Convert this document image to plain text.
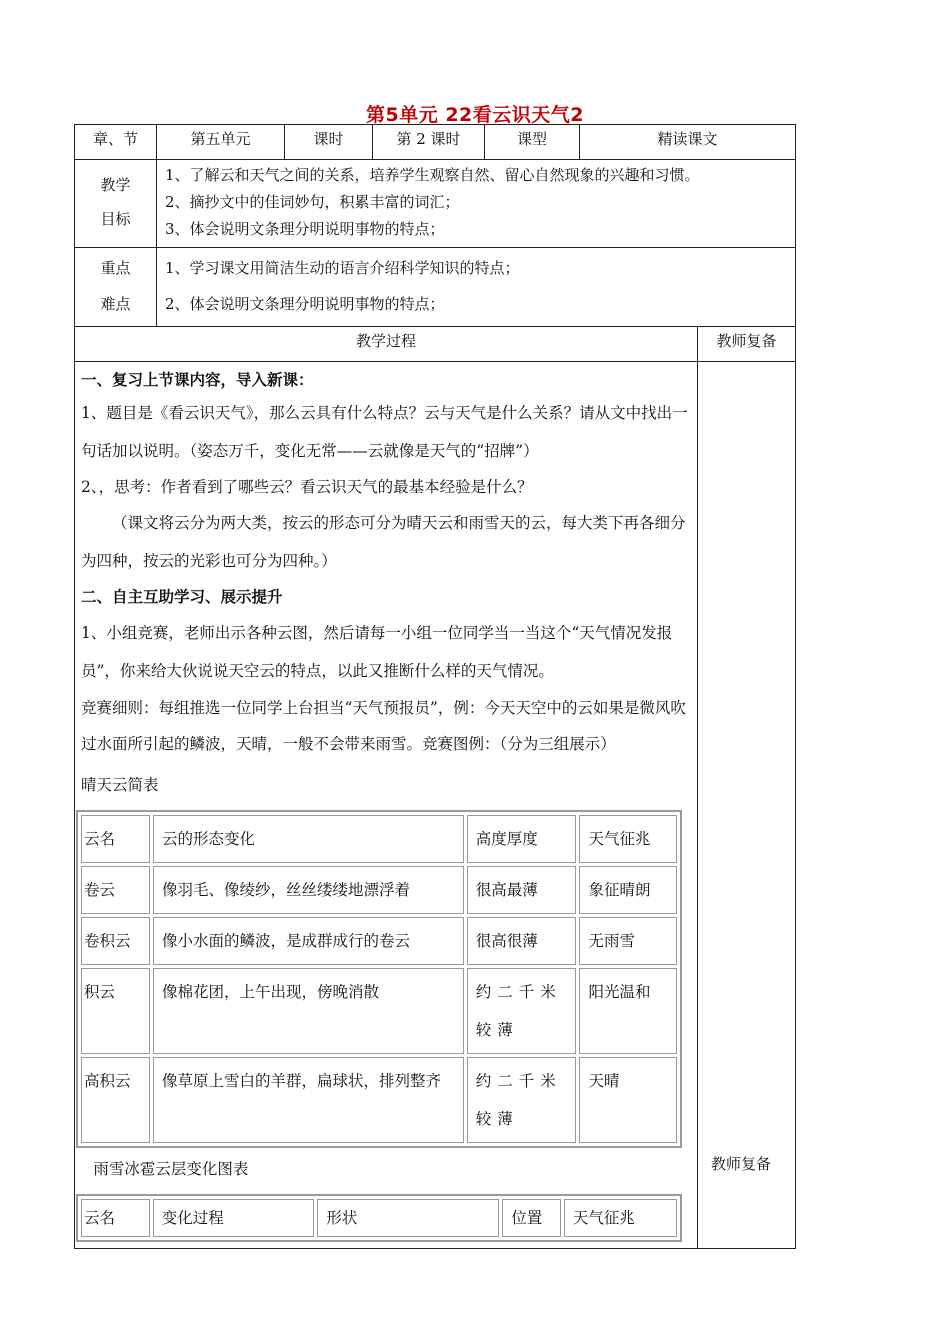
第5单元 22看云识天气2
章、节	第五单元	课时	第 2 课时	课型	精读课文

教学
目标

1、了解云和天气之间的关系，培养学生观察自然、留心自然现象的兴趣和习惯。
2、摘抄文中的佳词妙句，积累丰富的词汇；
3、体会说明文条理分明说明事物的特点；

重点
难点

1、学习课文用简洁生动的语言介绍科学知识的特点；
2、体会说明文条理分明说明事物的特点；

教学过程	教师复备

一、复习上节课内容，导入新课：

1、题目是《看云识天气》，那么云具有什么特点？云与天气是什么关系？请从文中找出一句话加以说明。（姿态万千，变化无常——云就像是天气的“招牌”）

2、，思考：作者看到了哪些云？看云识天气的最基本经验是什么？

（课文将云分为两大类，按云的形态可分为晴天云和雨雪天的云，每大类下再各细分为四种，按云的光彩也可分为四种。）

二、自主互助学习、展示提升

1、小组竞赛，老师出示各种云图，然后请每一小组一位同学当一当这个“天气情况发报员”，你来给大伙说说天空云的特点，以此又推断什么样的天气情况。

竞赛细则：每组推选一位同学上台担当“天气预报员”，例：今天天空中的云如果是微风吹过水面所引起的鳞波，天晴，一般不会带来雨雪。竞赛图例：（分为三组展示）

晴天云简表

云名	云的形态变化	高度厚度	天气征兆
卷云	像羽毛、像绫纱，丝丝缕缕地漂浮着	很高最薄	象征晴朗
卷积云	像小水面的鳞波，是成群成行的卷云	很高很薄	无雨雪
积云	像棉花团，上午出现，傍晚消散	约二千米较薄	阳光温和
高积云	像草原上雪白的羊群，扁球状，排列整齐	约二千米较薄	天晴

雨雪冰雹云层变化图表

云名	变化过程	形状	位置	天气征兆

教师复备
